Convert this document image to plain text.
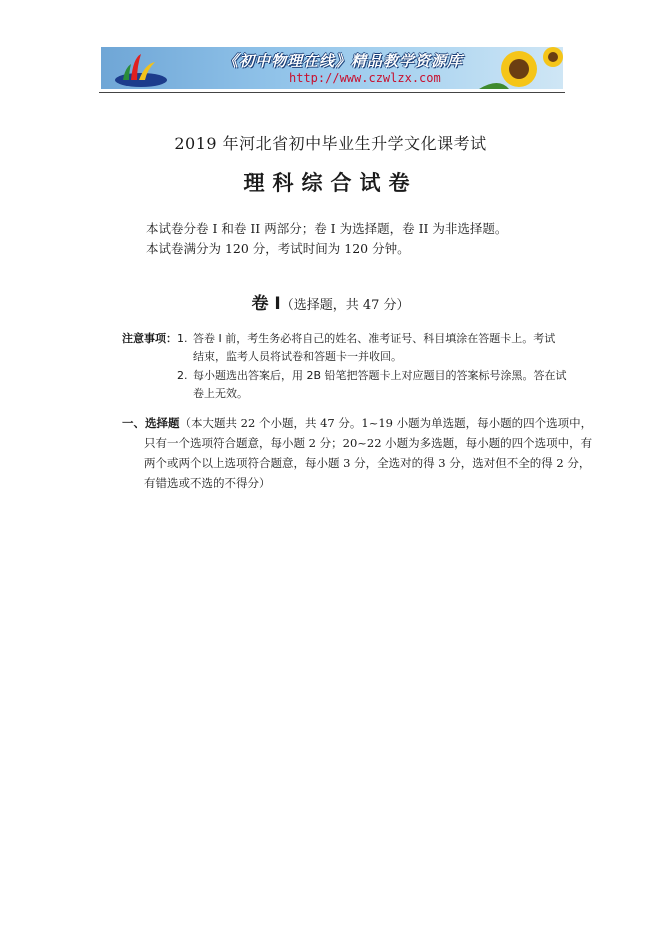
《初中物理在线》精品教学资源库
http://www.czwlzx.com
2019 年河北省初中毕业生升学文化课考试
理科综合试卷
本试卷分卷 I 和卷 II 两部分；卷 I 为选择题，卷 II 为非选择题。
本试卷满分为 120 分，考试时间为 120 分钟。
卷 I（选择题，共 47 分）
注意事项： 1. 答卷 I 前，考生务必将自己的姓名、准考证号、科目填涂在答题卡上。考试
结束，监考人员将试卷和答题卡一并收回。
2. 每小题选出答案后，用 2B 铅笔把答题卡上对应题目的答案标号涂黑。答在试
卷上无效。
一、选择题（本大题共 22 个小题，共 47 分。1~19 小题为单选题，每小题的四个选项中，
只有一个选项符合题意，每小题 2 分；20~22 小题为多选题，每小题的四个选项中，有
两个或两个以上选项符合题意，每小题 3 分，全选对的得 3 分，选对但不全的得 2 分，
有错选或不选的不得分）
